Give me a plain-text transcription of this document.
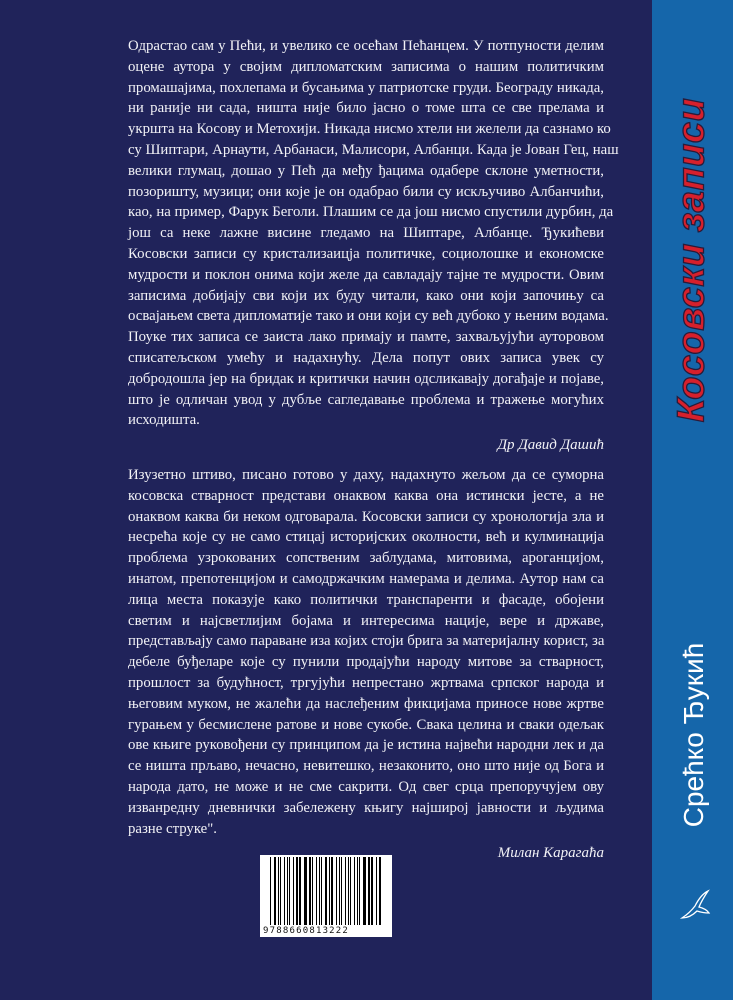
Одрастао сам у Пећи, и увелико се осећам Пећанцем. У потпуности делим
оцене аутора у својим дипломатским записима о нашим политичким
промашајима, похлепама и бусањима у патриотске груди. Београду никада,
ни раније ни сада, ништа није било јасно о томе шта се све прелама и
укршта на Косову и Метохији. Никада нисмо хтели ни желели да сазнамо ко
су Шиптари, Арнаути, Арбанаси, Малисори, Албанци. Када је Јован Гец, наш
велики глумац, дошао у Пећ да међу ђацима одабере склоне уметности,
позоришту, музици; они које је он одабрао били су искључиво Албанчићи,
као, на пример, Фарук Беголи. Плашим се да још нисмо спустили дурбин, да
још са неке лажне висине гледамо на Шиптаре, Албанце. Ђукићеви
Косовски записи су кристализаицја политичке, социолошке и економске
мудрости и поклон онима који желе да савладају тајне те мудрости. Овим
записима добијају сви који их буду читали, како они који започињу са
освајањем света дипломатије тако и они који су већ дубоко у њеним водама.
Поуке тих записа се заиста лако примају и памте, захваљујући ауторовом
списатељском умећу и надахнућу. Дела попут ових записа увек су
добродошла јер на бридак и критички начин одсликавају догађаје и појаве,
што је одличан увод у дубље сагледавање проблема и тражење могућих
исходишта.
Др Давид Дашић
Изузетно штиво, писано готово у даху, надахнуто жељом да се суморна
косовска стварност представи онаквом каква она истински јесте, а не
онаквом каква би неком одговарала. Косовски записи су хронологија зла и
несрећа које су не само стицај историјских околности, већ и кулминација
проблема узрокованих сопственим заблудама, митовима, ароганцијом,
инатом, препотенцијом и самодржачким намерама и делима. Аутор нам са
лица места показује како политички транспаренти и фасаде, обојени
светим и најсветлијим бојама и интересима нације, вере и државе,
представљају само параване иза којих стоји брига за материјалну корист, за
дебеле буђеларе које су пунили продајући народу митове за стварност,
прошлост за будућност, тргујући непрестано жртвама српског народа и
његовим муком, не жалећи да наслеђеним фикцијама приносе нове жртве
гурањем у бесмислене ратове и нове сукобе. Свака целина и сваки одељак
ове књиге руковођени су принципом да је истина највећи народни лек и да
се ништа прљаво, нечасно, невитешко, незаконито, оно што није од Бога и
народа дато, не може и не сме сакрити. Од свег срца препоручујем ову
изванредну дневнички забележену књигу најширој јавности и људима
разне струке".
Милан Карагаћа
9788660813222
Косовски записи
Срећко Ђукић
